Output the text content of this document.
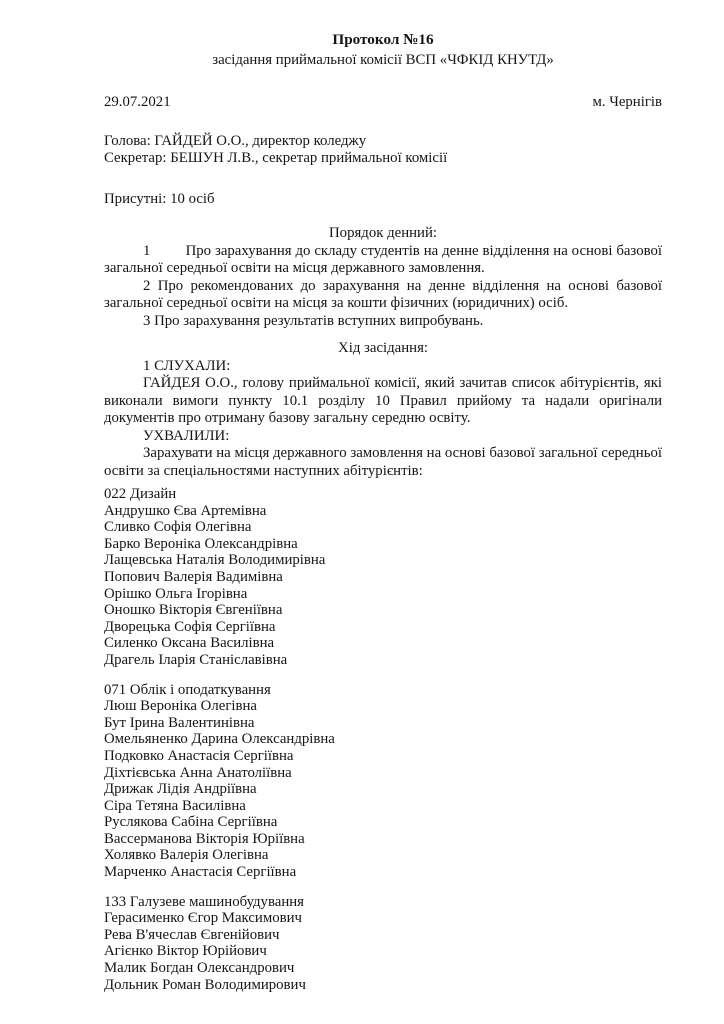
Протокол №16
засідання приймальної комісії ВСП «ЧФКІД КНУТД»
29.07.2021	м. Чернігів
Голова: ГАЙДЕЙ О.О., директор коледжу
Секретар: БЕШУН Л.В., секретар приймальної комісії
Присутні: 10 осіб
Порядок денний:

1         Про зарахування до складу студентів на денне відділення на основі базової загальної середньої освіти на місця державного замовлення.

2 Про рекомендованих до зарахування на денне відділення на основі базової загальної середньої освіти на місця за кошти фізичних (юридичних) осіб.

3 Про зарахування результатів вступних випробувань.

Хід засідання:
1 СЛУХАЛИ:

ГАЙДЕЯ О.О., голову приймальної комісії, який зачитав список абітурієнтів, які виконали вимоги пункту 10.1 розділу 10 Правил прийому та надали оригінали документів про отриману базову загальну середню освіту.

УХВАЛИЛИ:

Зарахувати на місця державного замовлення на основі базової загальної середньої освіти за спеціальностями наступних абітурієнтів:

022 Дизайн
Андрушко Єва Артемівна
Сливко Софія Олегівна
Барко Вероніка Олександрівна
Лащевська Наталія Володимирівна
Попович Валерія Вадимівна
Орішко Ольга Ігорівна
Оношко Вікторія Євгеніївна
Дворецька Софія Сергіївна
Силенко Оксана Василівна
Драгель Іларія Станіславівна
071 Облік і оподаткування
Люш Вероніка Олегівна
Бут Ірина Валентинівна
Омельяненко Дарина Олександрівна
Подковко Анастасія Сергіївна
Діхтієвська Анна Анатоліївна
Дрижак Лідія Андріївна
Сіра Тетяна Василівна
Руслякова Сабіна Сергіївна
Вассерманова Вікторія Юріївна
Холявко Валерія Олегівна
Марченко Анастасія Сергіївна
133 Галузеве машинобудування
Герасименко Єгор Максимович
Рева В'ячеслав Євгенійович
Агієнко Віктор Юрійович
Малик Богдан Олександрович
Дольник Роман Володимирович
